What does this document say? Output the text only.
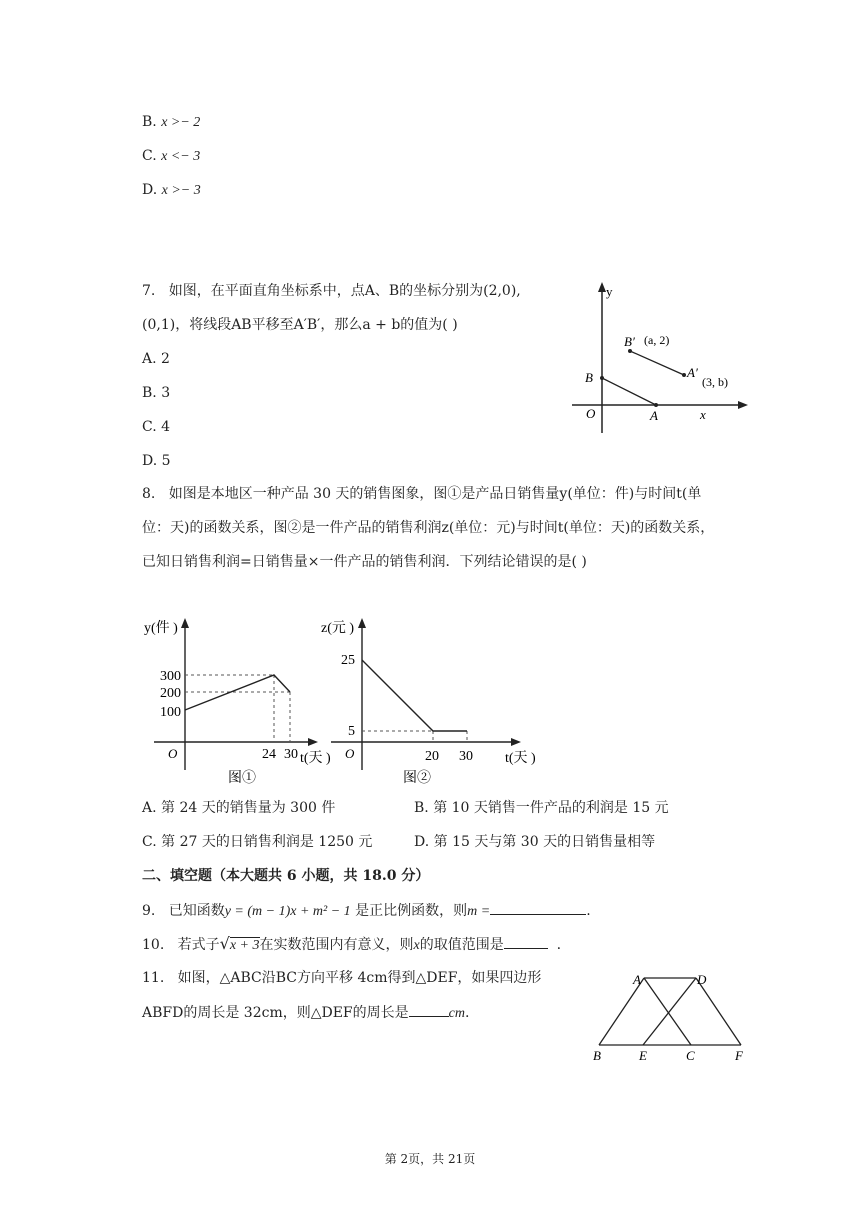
B. x >− 2
C. x <− 3
D. x >− 3
7. 如图，在平面直角坐标系中，点A、B的坐标分别为(2,0),
(0,1)，将线段AB平移至A′B′，那么a + b的值为( )
A. 2
B. 3
C. 4
D. 5
y
x
O
B
A
B′ (a, 2)
A′
(3, b)
8. 如图是本地区一种产品 30 天的销售图象，图①是产品日销售量y(单位：件)与时间t(单
位：天)的函数关系，图②是一件产品的销售利润z(单位：元)与时间t(单位：天)的函数关系，
已知日销售利润=日销售量×一件产品的销售利润．下列结论错误的是( )
y(件 )
O
300
200
100
24 30 t(天 )
图①
z(元 )
O
25
5
20 30 t(天 )
图②
A. 第 24 天的销售量为 300 件	B. 第 10 天销售一件产品的利润是 15 元
C. 第 27 天的日销售利润是 1250 元	D. 第 15 天与第 30 天的日销售量相等
二、填空题（本大题共 6 小题，共 18.0 分）
9. 已知函数y = (m − 1)x + m² − 1 是正比例函数，则m =	.
10. 若式子√x + 3在实数范围内有意义，则x的取值范围是	.
11. 如图，△ABC沿BC方向平移 4cm得到△DEF，如果四边形
ABFD的周长是 32cm，则△DEF的周长是	cm.
A	D
B	E	C	F
第 2页，共 21页
